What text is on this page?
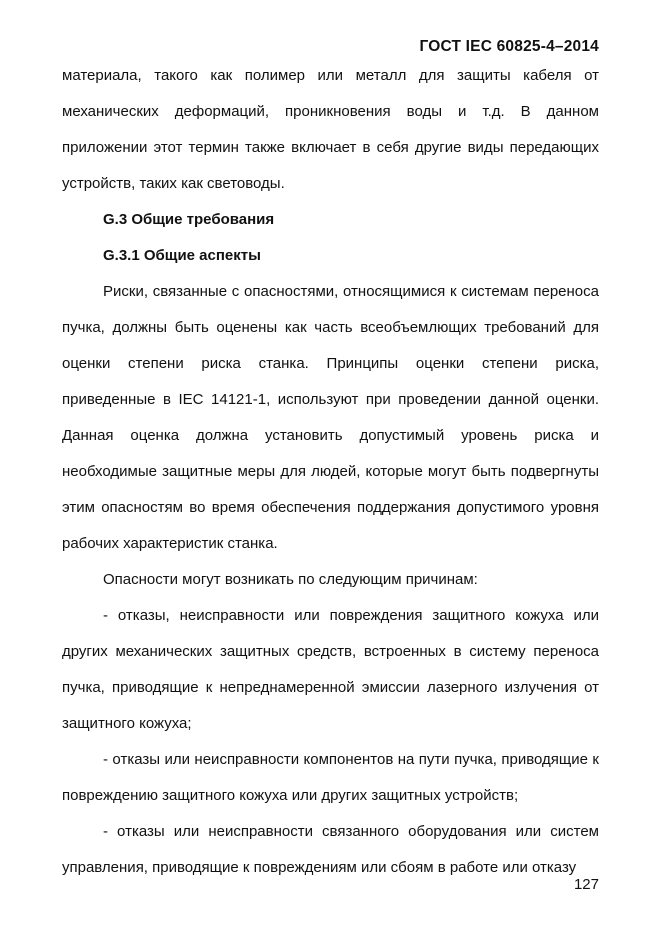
ГОСТ IEC 60825-4–2014

материала, такого как полимер или металл для защиты кабеля от механических деформаций, проникновения воды и т.д. В данном приложении этот термин также включает в себя другие виды передающих устройств, таких как световоды.

G.3 Общие требования

G.3.1 Общие аспекты

Риски, связанные с опасностями, относящимися к системам переноса пучка, должны быть оценены как часть всеобъемлющих требований для оценки степени риска станка. Принципы оценки степени риска, приведенные в IEC 14121-1, используют при проведении данной оценки. Данная оценка должна установить допустимый уровень риска и необходимые защитные меры для людей, которые могут быть подвергнуты этим опасностям во время обеспечения поддержания допустимого уровня рабочих характеристик станка.

Опасности могут возникать по следующим причинам:

- отказы, неисправности или повреждения защитного кожуха или других механических защитных средств, встроенных в систему переноса пучка, приводящие к непреднамеренной эмиссии лазерного излучения от защитного кожуха;

- отказы или неисправности компонентов на пути пучка, приводящие к повреждению защитного кожуха или других защитных устройств;

- отказы или неисправности связанного оборудования или систем управления, приводящие к повреждениям или сбоям в работе или отказу

127
